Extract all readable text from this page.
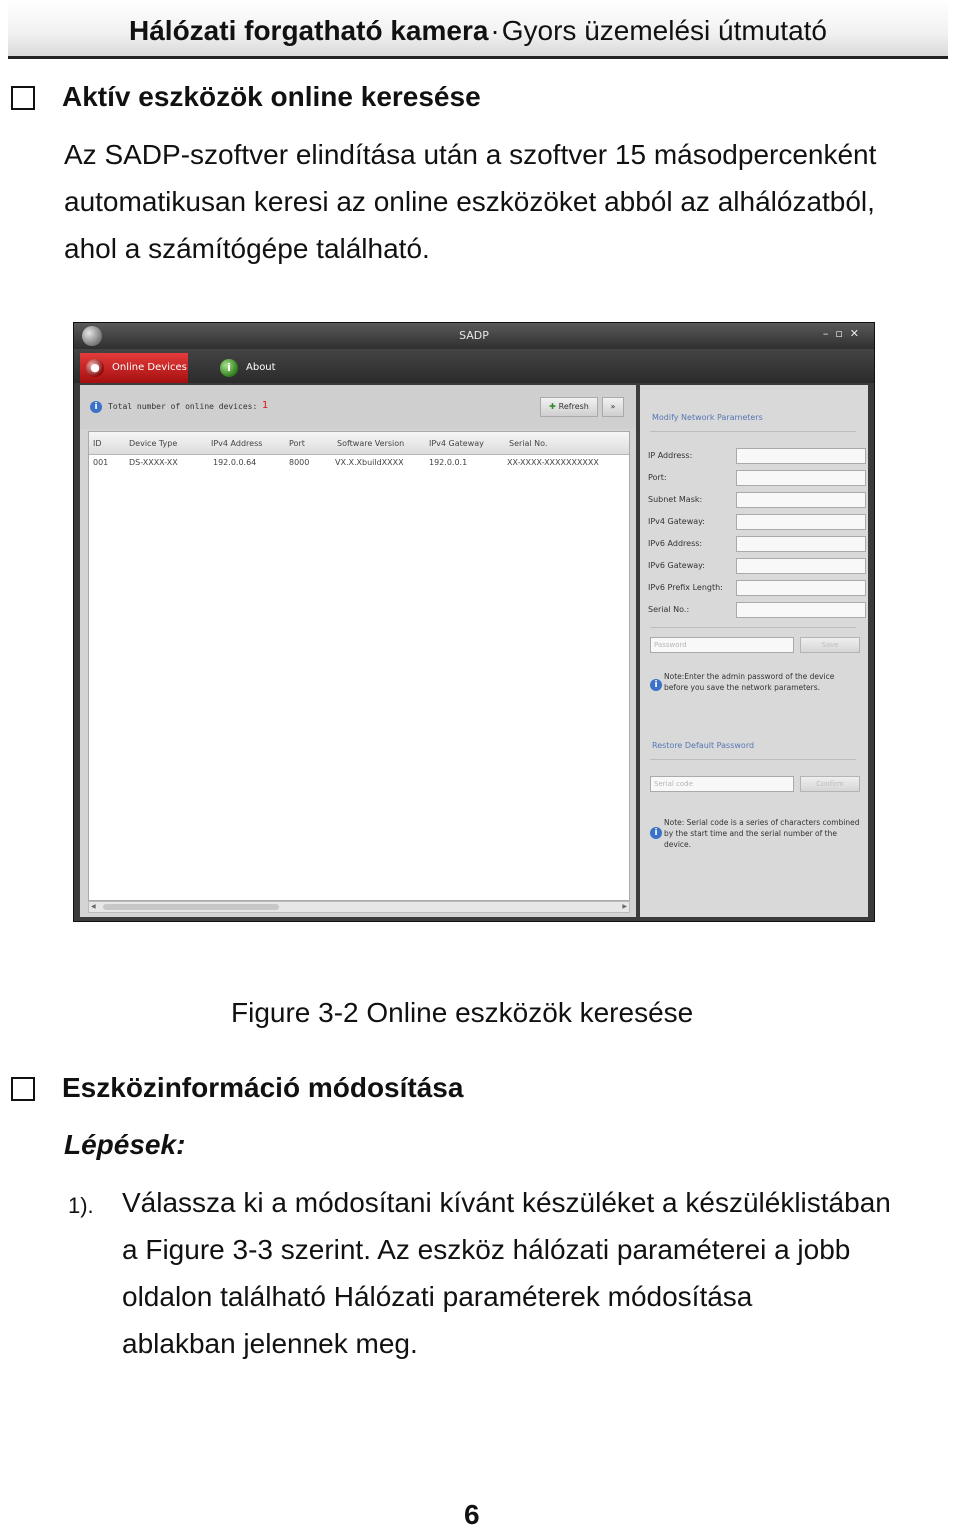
Hálózati forgatható kamera·Gyors üzemelési útmutató
Aktív eszközök online keresése
Az SADP-szoftver elindítása után a szoftver 15 másodpercenként
automatikusan keresi az online eszközöket abból az alhálózatból,
ahol a számítógépe található.
SADP	–▫✕
●	Online Devices	i	About
i	Total number of online devices: 1	✚ Refresh	»
ID	Device Type	IPv4 Address	Port	Software Version	IPv4 Gateway	Serial No.
001	DS-XXXX-XX	192.0.0.64	8000	VX.X.XbuildXXXX	192.0.0.1	XX-XXXX-XXXXXXXXXX
◀	▶
Modify Network Parameters
IP Address:
Port:
Subnet Mask:
IPv4 Gateway:
IPv6 Address:
IPv6 Gateway:
IPv6 Prefix Length:
Serial No.:
Password	Save
i
Note:Enter the admin password of the device before you save the network parameters.
Restore Default Password
Serial code	Confirm
i
Note: Serial code is a series of characters combined by the start time and the serial number of the device.
Figure 3-2 Online eszközök keresése
Eszközinformáció módosítása
Lépések:
1). Válassza ki a módosítani kívánt készüléket a készüléklistában
a Figure 3-3 szerint. Az eszköz hálózati paraméterei a jobb
oldalon található Hálózati paraméterek módosítása
ablakban jelennek meg.
6
